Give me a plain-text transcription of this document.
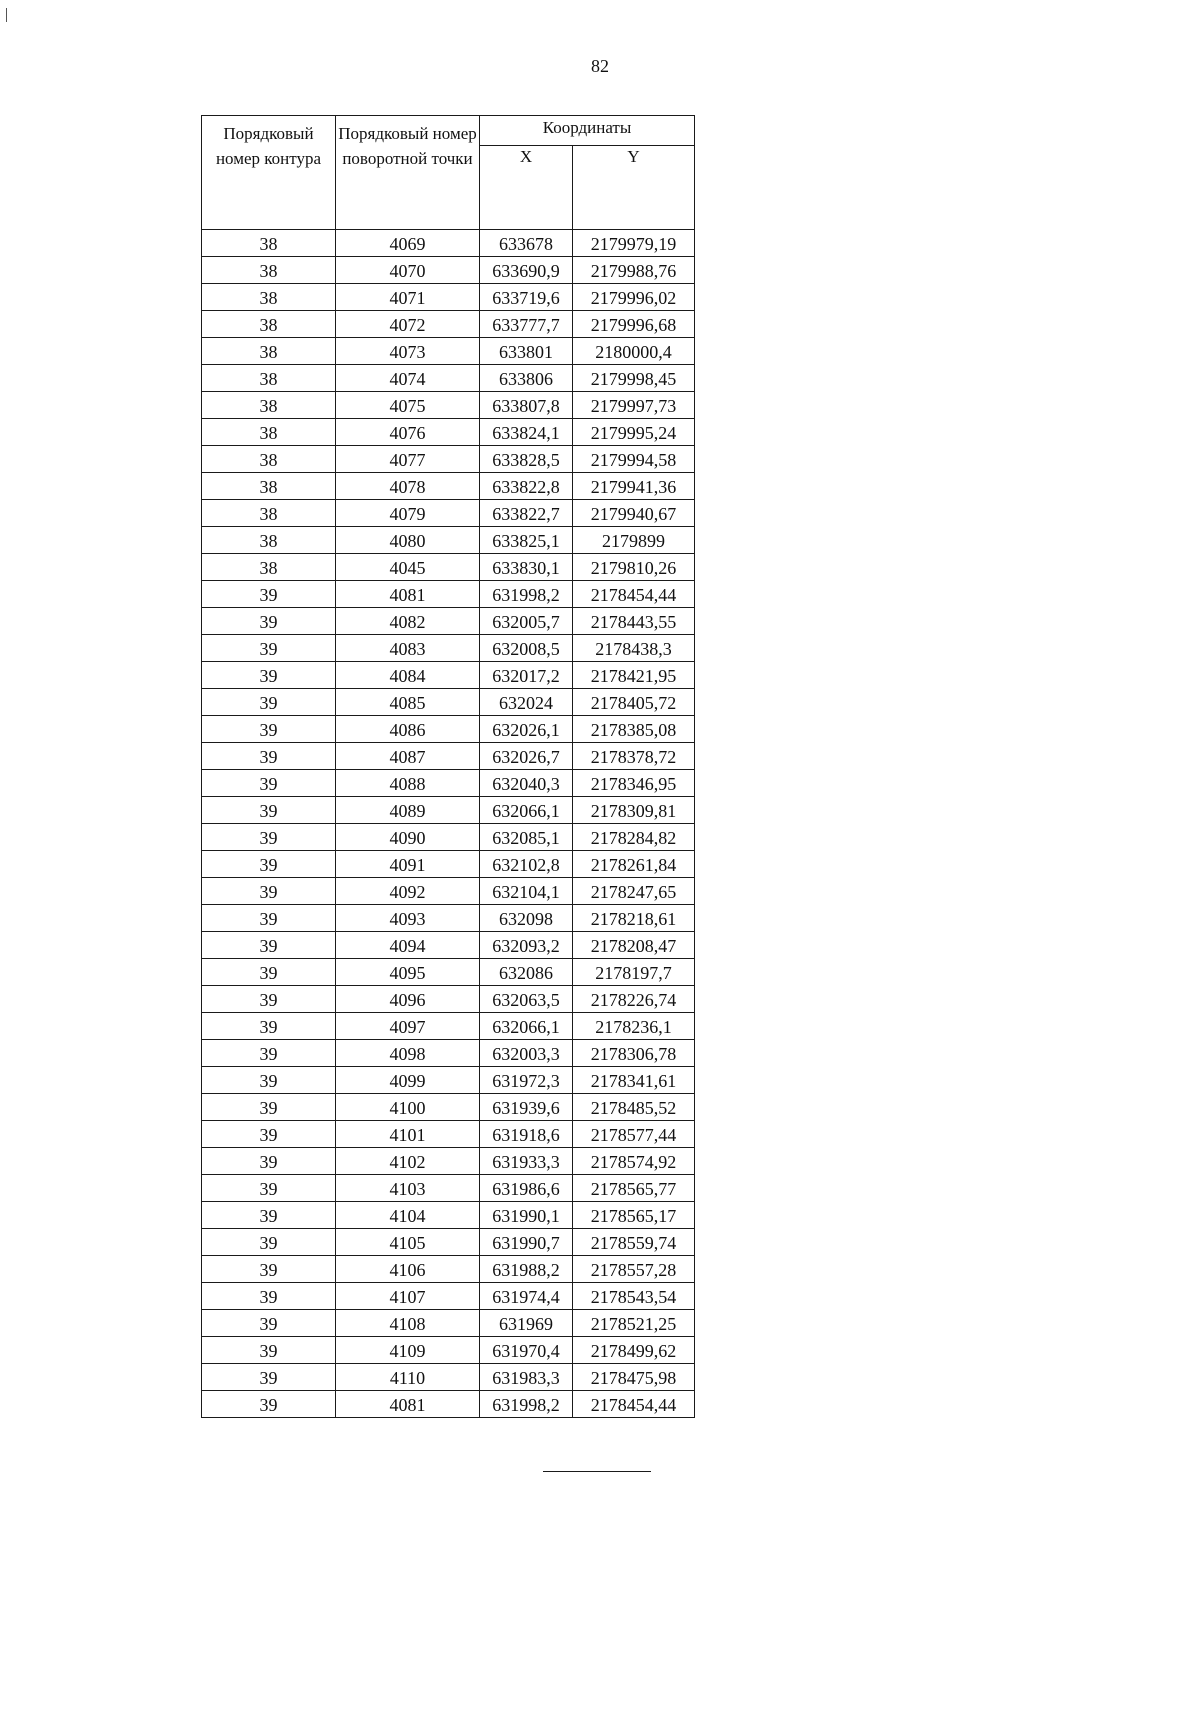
82
Порядковый номер контура	Порядковый номер поворотной точки	Координаты	
		X	Y
38	4069	633678	2179979,19
38	4070	633690,9	2179988,76
38	4071	633719,6	2179996,02
38	4072	633777,7	2179996,68
38	4073	633801	2180000,4
38	4074	633806	2179998,45
38	4075	633807,8	2179997,73
38	4076	633824,1	2179995,24
38	4077	633828,5	2179994,58
38	4078	633822,8	2179941,36
38	4079	633822,7	2179940,67
38	4080	633825,1	2179899
38	4045	633830,1	2179810,26
39	4081	631998,2	2178454,44
39	4082	632005,7	2178443,55
39	4083	632008,5	2178438,3
39	4084	632017,2	2178421,95
39	4085	632024	2178405,72
39	4086	632026,1	2178385,08
39	4087	632026,7	2178378,72
39	4088	632040,3	2178346,95
39	4089	632066,1	2178309,81
39	4090	632085,1	2178284,82
39	4091	632102,8	2178261,84
39	4092	632104,1	2178247,65
39	4093	632098	2178218,61
39	4094	632093,2	2178208,47
39	4095	632086	2178197,7
39	4096	632063,5	2178226,74
39	4097	632066,1	2178236,1
39	4098	632003,3	2178306,78
39	4099	631972,3	2178341,61
39	4100	631939,6	2178485,52
39	4101	631918,6	2178577,44
39	4102	631933,3	2178574,92
39	4103	631986,6	2178565,77
39	4104	631990,1	2178565,17
39	4105	631990,7	2178559,74
39	4106	631988,2	2178557,28
39	4107	631974,4	2178543,54
39	4108	631969	2178521,25
39	4109	631970,4	2178499,62
39	4110	631983,3	2178475,98
39	4081	631998,2	2178454,44
